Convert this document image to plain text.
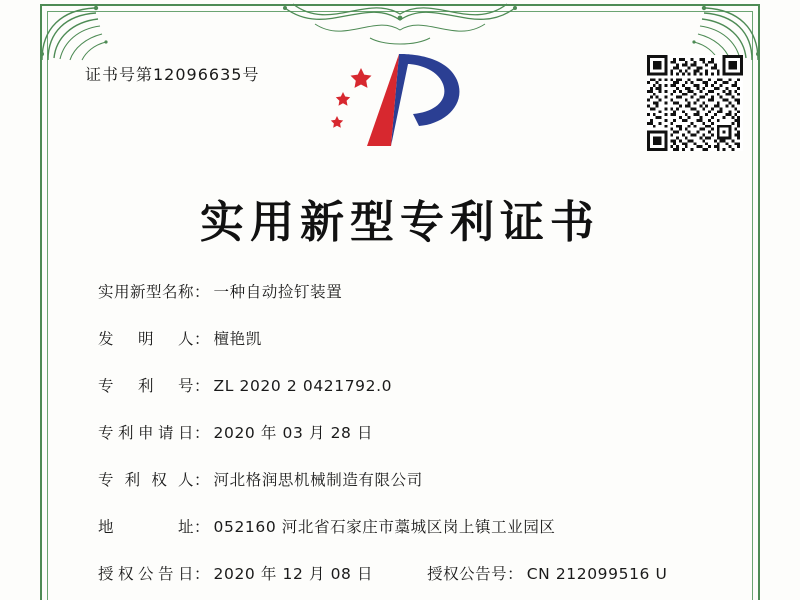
证书号第12096635号
实用新型专利证书
实用新型名称 ： 一种自动捡钉装置
发　明　人 ： 檀艳凯
专　利　号 ： ZL 2020 2 0421792.0
专利申请日 ： 2020 年 03 月 28 日
专 利 权 人 ： 河北格润思机械制造有限公司
地　　　址 ： 052160 河北省石家庄市藁城区岗上镇工业园区
授权公告日 ： 2020 年 12 月 08 日	授权公告号 ： CN 212099516 U
